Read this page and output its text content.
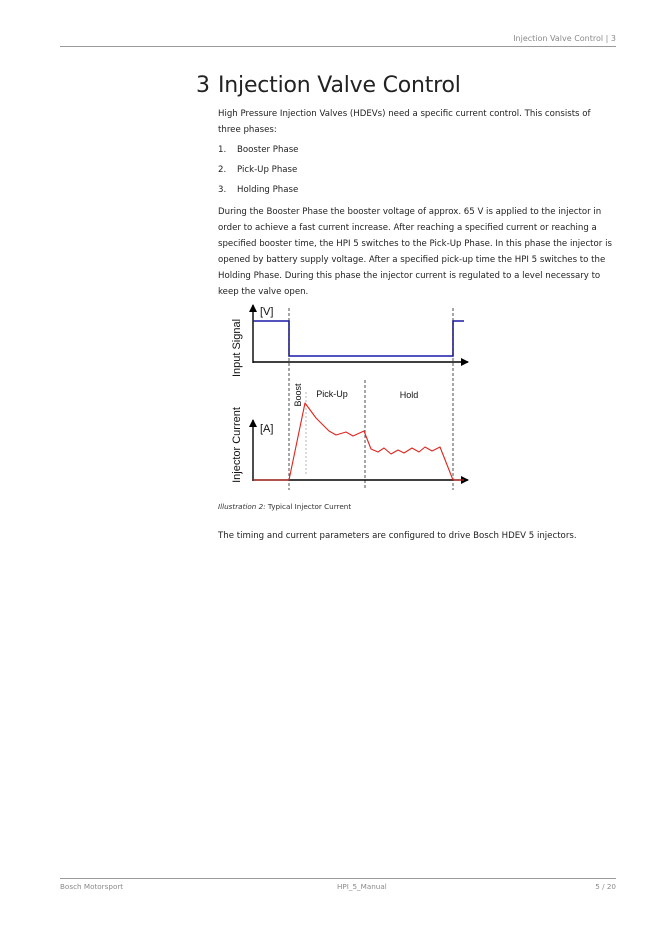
Injection Valve Control | 3
3 Injection Valve Control

High Pressure Injection Valves (HDEVs) need a specific current control. This consists of three phases:

1. Booster Phase
2. Pick-Up Phase
3. Holding Phase

During the Booster Phase the booster voltage of approx. 65 V is applied to the injector in order to achieve a fast current increase. After reaching a specified current or reaching a specified booster time, the HPI 5 switches to the Pick-Up Phase. In this phase the injector is opened by battery supply voltage. After a specified pick-up time the HPI 5 switches to the Holding Phase. During this phase the injector current is regulated to a level necessary to keep the valve open.

Input Signal
[V]
Injector Current [A]
Boost Pick-Up	Hold
Illustration 2: Typical Injector Current

The timing and current parameters are configured to drive Bosch HDEV 5 injectors.

Bosch Motorsport	HPI_5_Manual	5 / 20
